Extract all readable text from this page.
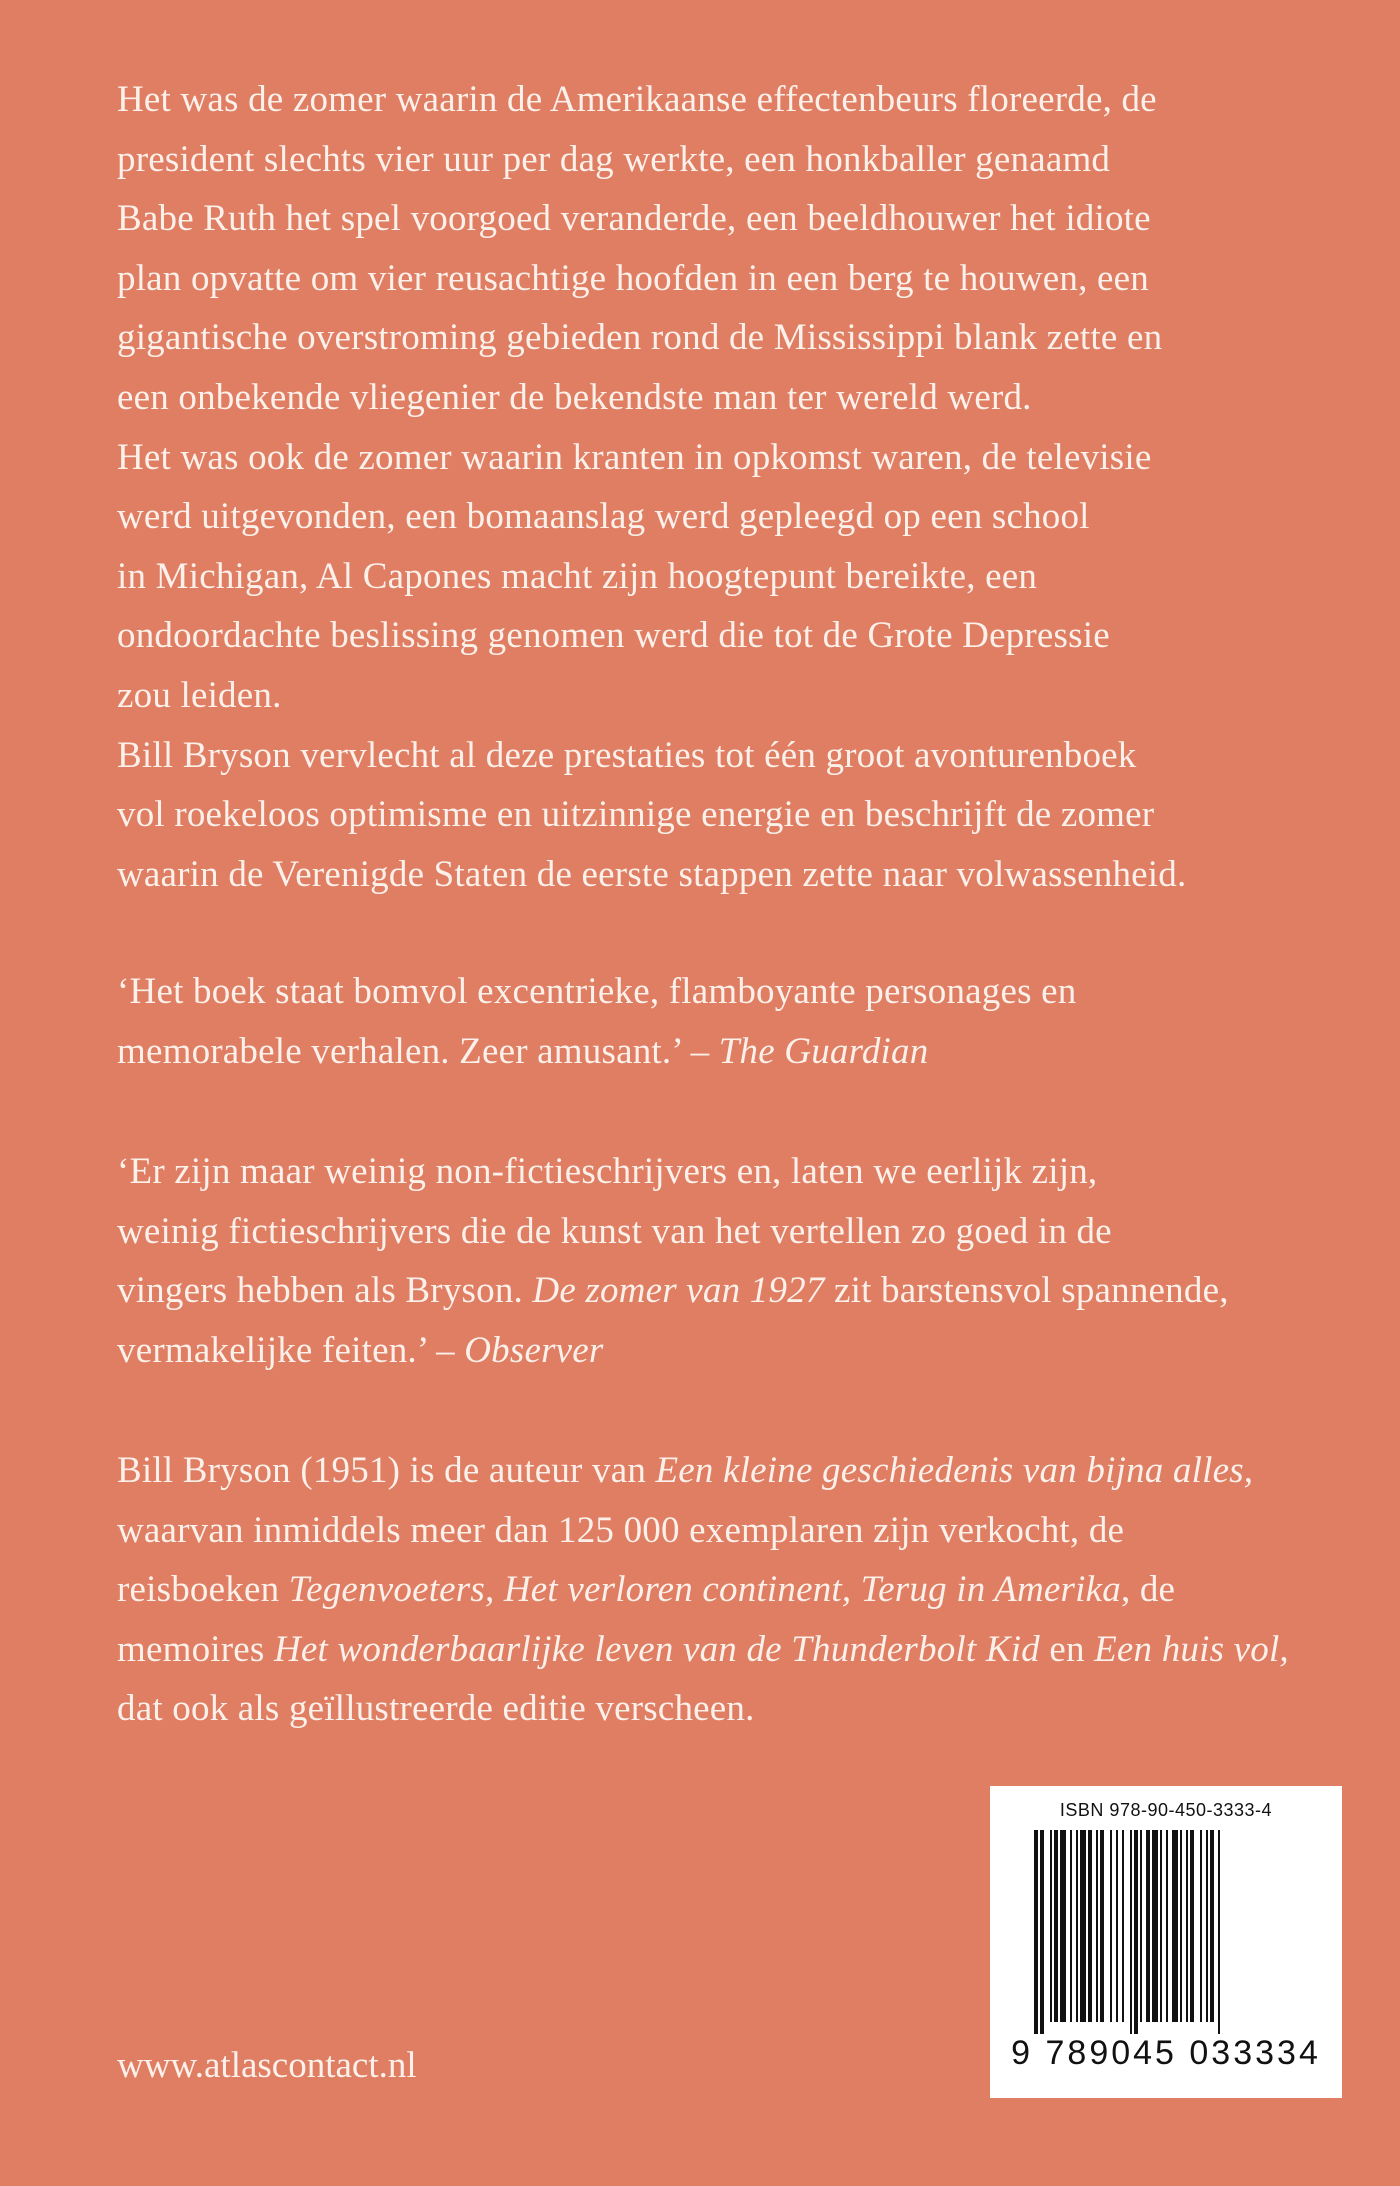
Het was de zomer waarin de Amerikaanse effectenbeurs floreerde, de
president slechts vier uur per dag werkte, een honkballer genaamd
Babe Ruth het spel voorgoed veranderde, een beeldhouwer het idiote
plan opvatte om vier reusachtige hoofden in een berg te houwen, een
gigantische overstroming gebieden rond de Mississippi blank zette en
een onbekende vliegenier de bekendste man ter wereld werd.
Het was ook de zomer waarin kranten in opkomst waren, de televisie
werd uitgevonden, een bomaanslag werd gepleegd op een school
in Michigan, Al Capones macht zijn hoogtepunt bereikte, een
ondoordachte beslissing genomen werd die tot de Grote Depressie
zou leiden.
Bill Bryson vervlecht al deze prestaties tot één groot avonturenboek
vol roekeloos optimisme en uitzinnige energie en beschrijft de zomer
waarin de Verenigde Staten de eerste stappen zette naar volwassenheid.
‘Het boek staat bomvol excentrieke, flamboyante personages en
memorabele verhalen. Zeer amusant.’ – The Guardian
‘Er zijn maar weinig non-fictieschrijvers en, laten we eerlijk zijn,
weinig fictieschrijvers die de kunst van het vertellen zo goed in de
vingers hebben als Bryson. De zomer van 1927 zit barstensvol spannende,
vermakelijke feiten.’ – Observer
Bill Bryson (1951) is de auteur van Een kleine geschiedenis van bijna alles,
waarvan inmiddels meer dan 125 000 exemplaren zijn verkocht, de
reisboeken Tegenvoeters, Het verloren continent, Terug in Amerika, de
memoires Het wonderbaarlijke leven van de Thunderbolt Kid en Een huis vol,
dat ook als geïllustreerde editie verscheen.
www.atlascontact.nl
ISBN 978-90-450-3333-4
9 789045 033334
